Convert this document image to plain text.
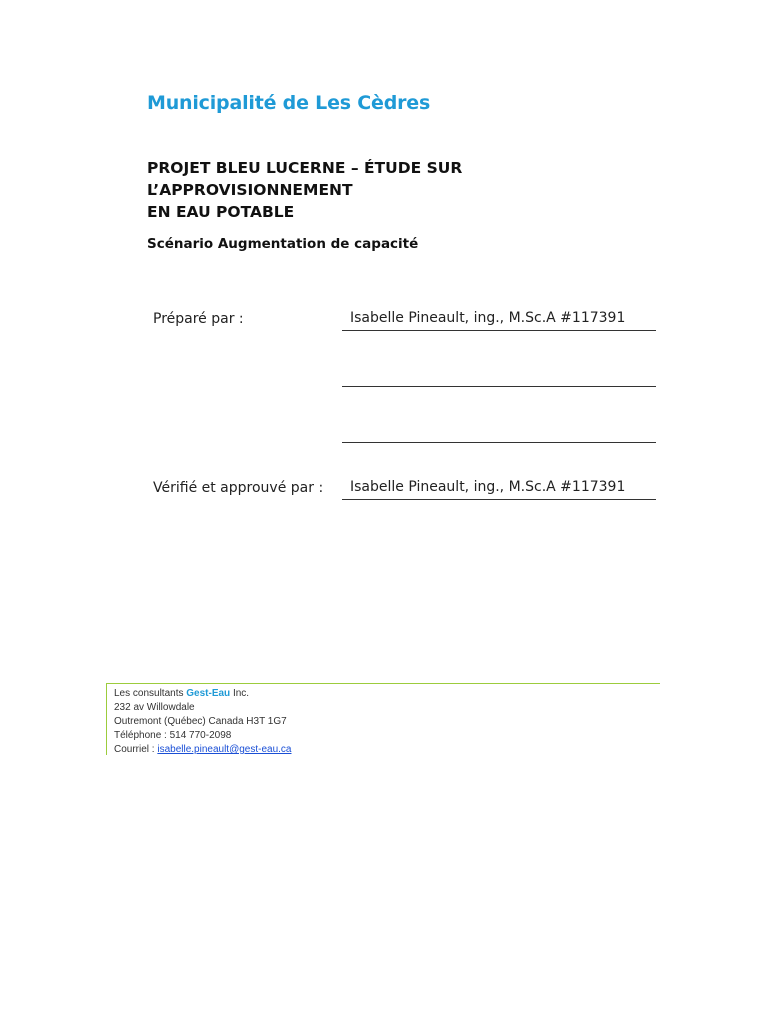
Municipalité de Les Cèdres
PROJET BLEU LUCERNE – ÉTUDE SUR L’APPROVISIONNEMENT
EN EAU POTABLE
Scénario Augmentation de capacité
Préparé par :	Isabelle Pineault, ing., M.Sc.A #117391
Vérifié et approuvé par : Isabelle Pineault, ing., M.Sc.A #117391
Les consultants Gest-Eau Inc.
232 av Willowdale
Outremont (Québec) Canada H3T 1G7
Téléphone : 514 770-2098
Courriel : isabelle.pineault@gest-eau.ca
